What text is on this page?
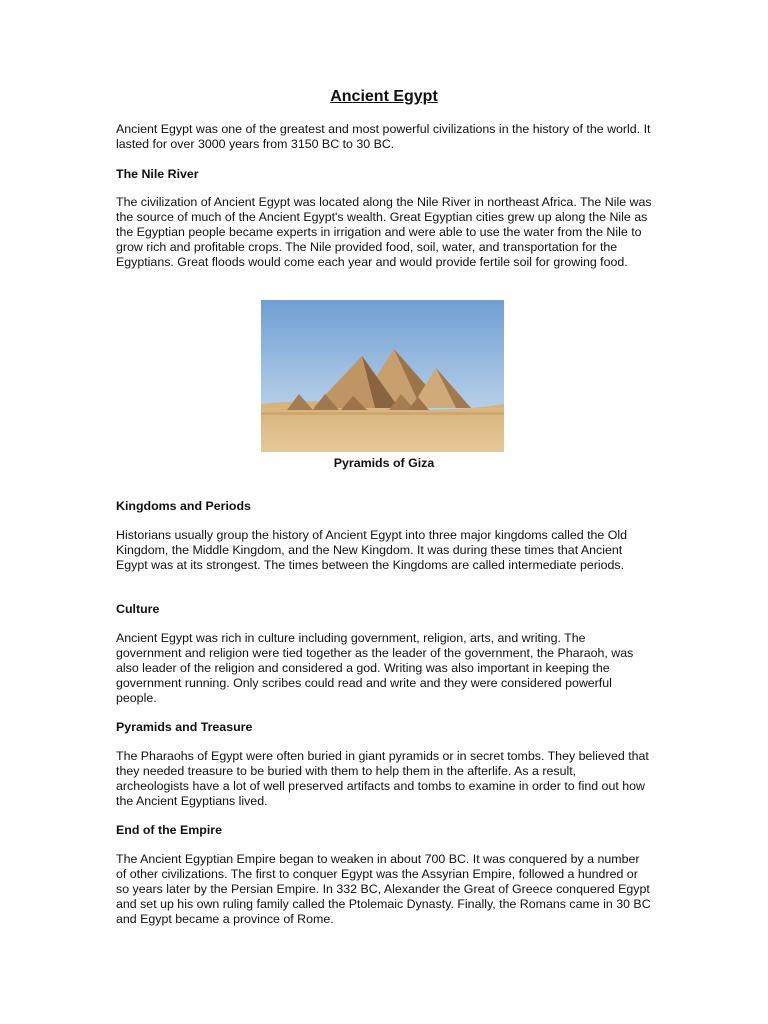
Ancient Egypt

Ancient Egypt was one of the greatest and most powerful civilizations in the history of the world. It lasted for over 3000 years from 3150 BC to 30 BC.

The Nile River

The civilization of Ancient Egypt was located along the Nile River in northeast Africa. The Nile was the source of much of the Ancient Egypt's wealth. Great Egyptian cities grew up along the Nile as the Egyptian people became experts in irrigation and were able to use the water from the Nile to grow rich and profitable crops. The Nile provided food, soil, water, and transportation for the Egyptians. Great floods would come each year and would provide fertile soil for growing food.

Pyramids of Giza

Kingdoms and Periods

Historians usually group the history of Ancient Egypt into three major kingdoms called the Old Kingdom, the Middle Kingdom, and the New Kingdom. It was during these times that Ancient Egypt was at its strongest. The times between the Kingdoms are called intermediate periods.

Culture

Ancient Egypt was rich in culture including government, religion, arts, and writing. The government and religion were tied together as the leader of the government, the Pharaoh, was also leader of the religion and considered a god. Writing was also important in keeping the government running. Only scribes could read and write and they were considered powerful people.

Pyramids and Treasure

The Pharaohs of Egypt were often buried in giant pyramids or in secret tombs. They believed that they needed treasure to be buried with them to help them in the afterlife. As a result, archeologists have a lot of well preserved artifacts and tombs to examine in order to find out how the Ancient Egyptians lived.

End of the Empire

The Ancient Egyptian Empire began to weaken in about 700 BC. It was conquered by a number of other civilizations. The first to conquer Egypt was the Assyrian Empire, followed a hundred or so years later by the Persian Empire. In 332 BC, Alexander the Great of Greece conquered Egypt and set up his own ruling family called the Ptolemaic Dynasty. Finally, the Romans came in 30 BC and Egypt became a province of Rome.
